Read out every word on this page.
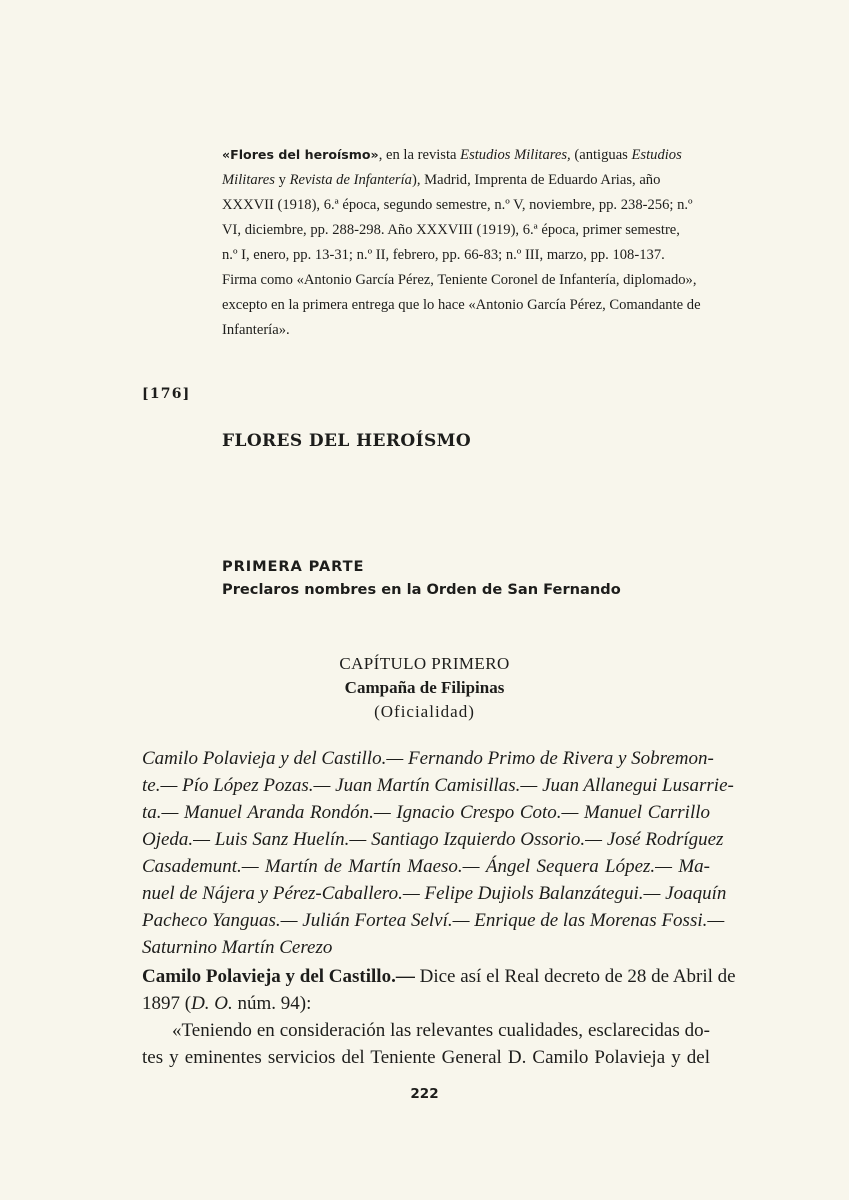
«Flores del heroísmo», en la revista Estudios Militares, (antiguas Estudios
Militares y Revista de Infantería), Madrid, Imprenta de Eduardo Arias, año
XXXVII (1918), 6.ª época, segundo semestre, n.º V, noviembre, pp. 238-256; n.º
VI, diciembre, pp. 288-298. Año XXXVIII (1919), 6.ª época, primer semestre,
n.º I, enero, pp. 13-31; n.º II, febrero, pp. 66-83; n.º III, marzo, pp. 108-137.
Firma como «Antonio García Pérez, Teniente Coronel de Infantería, diplomado»,
excepto en la primera entrega que lo hace «Antonio García Pérez, Comandante de
Infantería».
[176]
FLORES DEL HEROÍSMO
PRIMERA PARTE
Preclaros nombres en la Orden de San Fernando
CAPÍTULO PRIMERO
Campaña de Filipinas
(Oficialidad)
Camilo Polavieja y del Castillo.— Fernando Primo de Rivera y Sobremon-
te.— Pío López Pozas.— Juan Martín Camisillas.— Juan Allanegui Lusarrie-
ta.— Manuel Aranda Rondón.— Ignacio Crespo Coto.— Manuel Carrillo
Ojeda.— Luis Sanz Huelín.— Santiago Izquierdo Ossorio.— José Rodríguez
Casademunt.— Martín de Martín Maeso.— Ángel Sequera López.— Ma-
nuel de Nájera y Pérez-Caballero.— Felipe Dujiols Balanzátegui.— Joaquín
Pacheco Yanguas.— Julián Fortea Selví.— Enrique de las Morenas Fossi.—
Saturnino Martín Cerezo
Camilo Polavieja y del Castillo.— Dice así el Real decreto de 28 de Abril de
1897 (D. O. núm. 94):
«Teniendo en consideración las relevantes cualidades, esclarecidas do-
tes y eminentes servicios del Teniente General D. Camilo Polavieja y del
222
